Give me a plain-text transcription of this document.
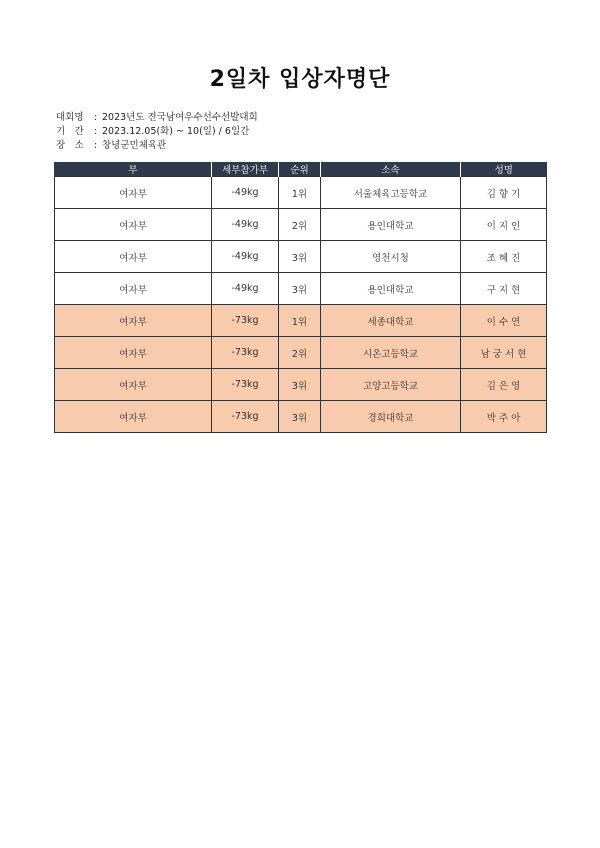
2일차 입상자명단
대회명	: 2023년도 전국남여우수선수선발대회
기　간	: 2023.12.05(화) ~ 10(일) / 6일간
장　소	: 창녕군민체육관
부	세부참가부	순위	소속	성명
여자부	-49kg	1위	서울체육고등학교	김 향 기
여자부	-49kg	2위	용인대학교	이 지 인
여자부	-49kg	3위	영천시청	조 혜 진
여자부	-49kg	3위	용인대학교	구 지 현
여자부	-73kg	1위	세종대학교	이 수 연
여자부	-73kg	2위	시온고등학교	남 궁 서 현
여자부	-73kg	3위	고양고등학교	김 은 영
여자부	-73kg	3위	경희대학교	박 주 아
